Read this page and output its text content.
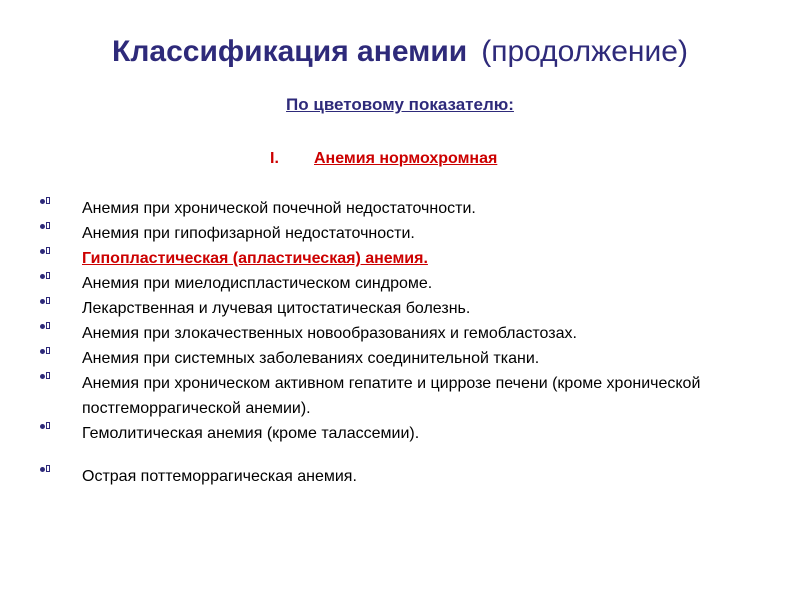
Классификация анемии (продолжение)
По цветовому показателю:
I. Анемия нормохромная
Анемия при хронической почечной недостаточности.
Анемия при гипофизарной недостаточности.
Гипопластическая (апластическая) анемия.
Анемия при миелодиспластическом синдроме.
Лекарственная и лучевая цитостатическая болезнь.
Анемия при злокачественных новообразованиях и гемобластозах.
Анемия при системных заболеваниях соединительной ткани.
Анемия при хроническом активном гепатите и циррозе печени (кроме хронической постгеморрагической анемии).
Гемолитическая анемия (кроме талассемии).
Острая поттеморрагическая анемия.
